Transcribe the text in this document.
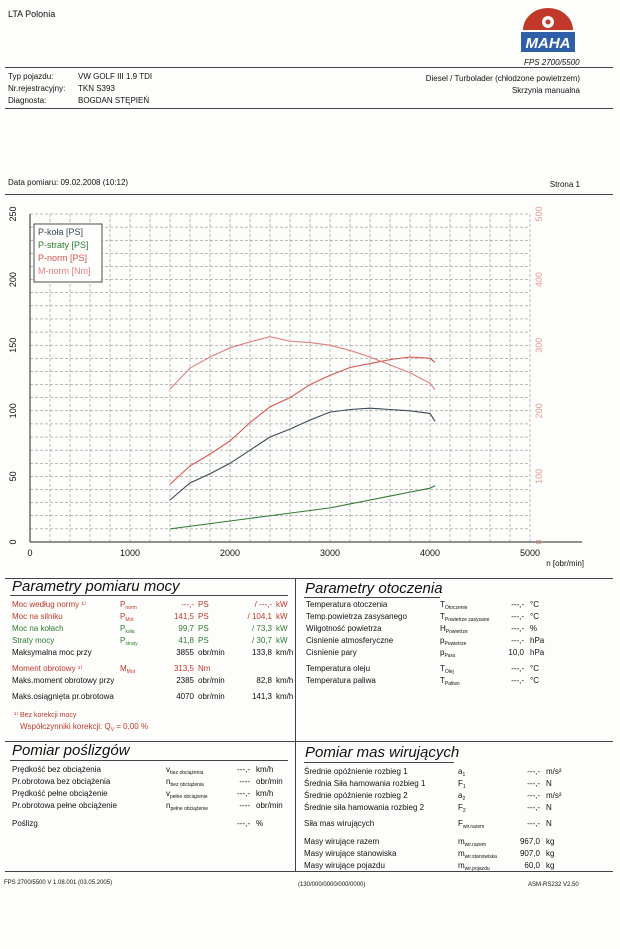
LTA Polonia
MAHA
FPS 2700/5500
Typ pojazdu:	VW GOLF III 1.9 TDI
Nr.rejestracyjny: TKN S393
Diagnosta:	BOGDAN STĘPIEŃ
Diesel / Turbolader (chłodzone powietrzem)
Skrzynia manualna
Data pomiaru: 09.02.2008 (10:12)	Strona 1
0	1000	2000	3000	4000	5000
n [obr/min]
0
50
100
150
200
250
0
100
200
300
400
500
P-koła [PS]
P-straty [PS]
P-norm [PS]
M-norm [Nm]
Parametry pomiaru mocy	Parametry otoczenia
Moc według normy ¹⁾	$P_{norm}$	---,- PS	/ ---,- kW
Moc na silniku	$P_{Mot}$	141,5 PS	/ 104,1 kW
Moc na kołach	$P_{koła}$	99,7 PS	/ 73,3 kW
Straty mocy	$P_{straty}$	41,8 PS	/ 30,7 kW
Maksymalna moc przy	3855 obr/min	133,8 km/h
Moment obrotowy ¹⁾	$M_{Mot}$	313,5 Nm
Maks.moment obrotowy przy	2385 obr/min	82,8 km/h
Maks.osiągnięta pr.obrotowa	4070 obr/min	141,3 km/h
¹⁾ Bez korekcji mocy
Współczynniki korekcji: $Q_V = 0,00$ %
Temperatura otoczenia	$T_{Otoczenie}$	---,- °C
Temp.powietrza zasysanego	$T_{Powietrze zasysane}$	---,- °C
Wilgotność powietrza	$H_{Powietrze}$	---,- %
Cisnienie atmosferyczne	$p_{Powietrze}$	---,- hPa
Cisnienie pary	$p_{Para}$	10,0 hPa
Temperatura oleju	$T_{Olej}$	---,- °C
Temperatura paliwa	$T_{Paliwo}$	---,- °C
Pomiar poślizgów	Pomiar mas wirujących
Prędkość bez obciążenia	$v_{bez obciążenia}$	---,- km/h
Pr.obrotowa bez obciążenia	$n_{bez obciążenia}$	---- obr/min
Prędkość pełne obciążenie	$v_{pełne obciążenie}$	---,- km/h
Pr.obrotowa pełne obciążenie	$n_{pełne obciążenie}$	---- obr/min
Poślizg	---,- %
Średnie opóźnienie rozbieg 1	$a_1$	---,- m/s²
Średnia Siła hamowania rozbieg 1	$F_1$	---,- N
Średnie opóźnienie rozbieg 2	$a_2$	---,- m/s²
Średnie siła hamowania rozbieg 2	$F_2$	---,- N
Siła mas wirujących	$F_{wir.razem}$	---,- N
Masy wirujące razem	$m_{wir.razem}$	967,0 kg
Masy wirujące stanowiska	$m_{wir.stanowiska}$	907,0 kg
Masy wirujące pojazdu	$m_{wir.pojazdu}$	60,0 kg
FPS 2700/5500 V 1.08.001 (03.05.2005)	(130/000/0000/000/0000)	ASM-RS232 V2.50
